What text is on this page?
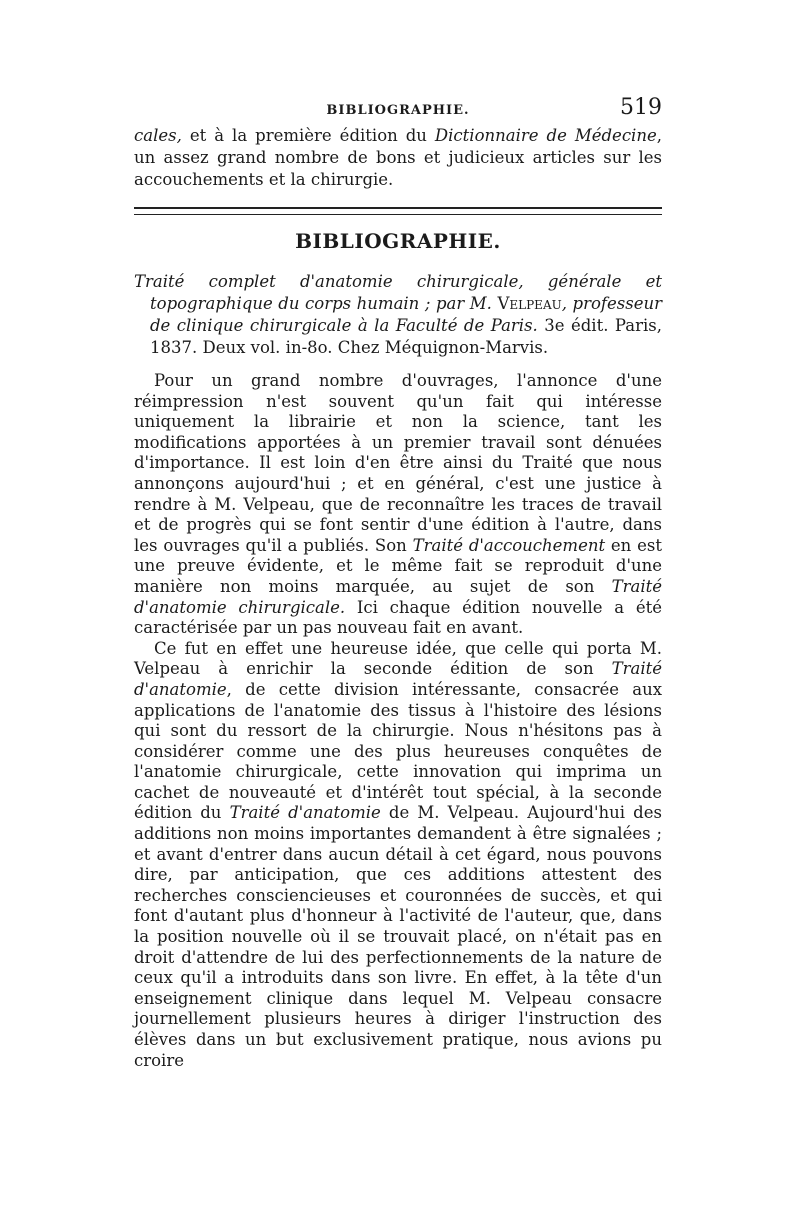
BIBLIOGRAPHIE.	519

cales, et à la première édition du Dictionnaire de Médecine, un assez grand nombre de bons et judicieux articles sur les accouchements et la chirurgie.

BIBLIOGRAPHIE.

Traité complet d'anatomie chirurgicale, générale et topographique du corps humain ; par M. Velpeau, professeur de clinique chirurgicale à la Faculté de Paris. 3e édit. Paris, 1837. Deux vol. in-8o. Chez Méquignon-Marvis.

Pour un grand nombre d'ouvrages, l'annonce d'une réimpression n'est souvent qu'un fait qui intéresse uniquement la librairie et non la science, tant les modifications apportées à un premier travail sont dénuées d'importance. Il est loin d'en être ainsi du Traité que nous annonçons aujourd'hui ; et en général, c'est une justice à rendre à M. Velpeau, que de reconnaître les traces de travail et de progrès qui se font sentir d'une édition à l'autre, dans les ouvrages qu'il a publiés. Son Traité d'accouchement en est une preuve évidente, et le même fait se reproduit d'une manière non moins marquée, au sujet de son Traité d'anatomie chirurgicale. Ici chaque édition nouvelle a été caractérisée par un pas nouveau fait en avant.

Ce fut en effet une heureuse idée, que celle qui porta M. Velpeau à enrichir la seconde édition de son Traité d'anatomie, de cette division intéressante, consacrée aux applications de l'anatomie des tissus à l'histoire des lésions qui sont du ressort de la chirurgie. Nous n'hésitons pas à considérer comme une des plus heureuses conquêtes de l'anatomie chirurgicale, cette innovation qui imprima un cachet de nouveauté et d'intérêt tout spécial, à la seconde édition du Traité d'anatomie de M. Velpeau. Aujourd'hui des additions non moins importantes demandent à être signalées ; et avant d'entrer dans aucun détail à cet égard, nous pouvons dire, par anticipation, que ces additions attestent des recherches consciencieuses et couronnées de succès, et qui font d'autant plus d'honneur à l'activité de l'auteur, que, dans la position nouvelle où il se trouvait placé, on n'était pas en droit d'attendre de lui des perfectionnements de la nature de ceux qu'il a introduits dans son livre. En effet, à la tête d'un enseignement clinique dans lequel M. Velpeau consacre journellement plusieurs heures à diriger l'instruction des élèves dans un but exclusivement pratique, nous avions pu croire
